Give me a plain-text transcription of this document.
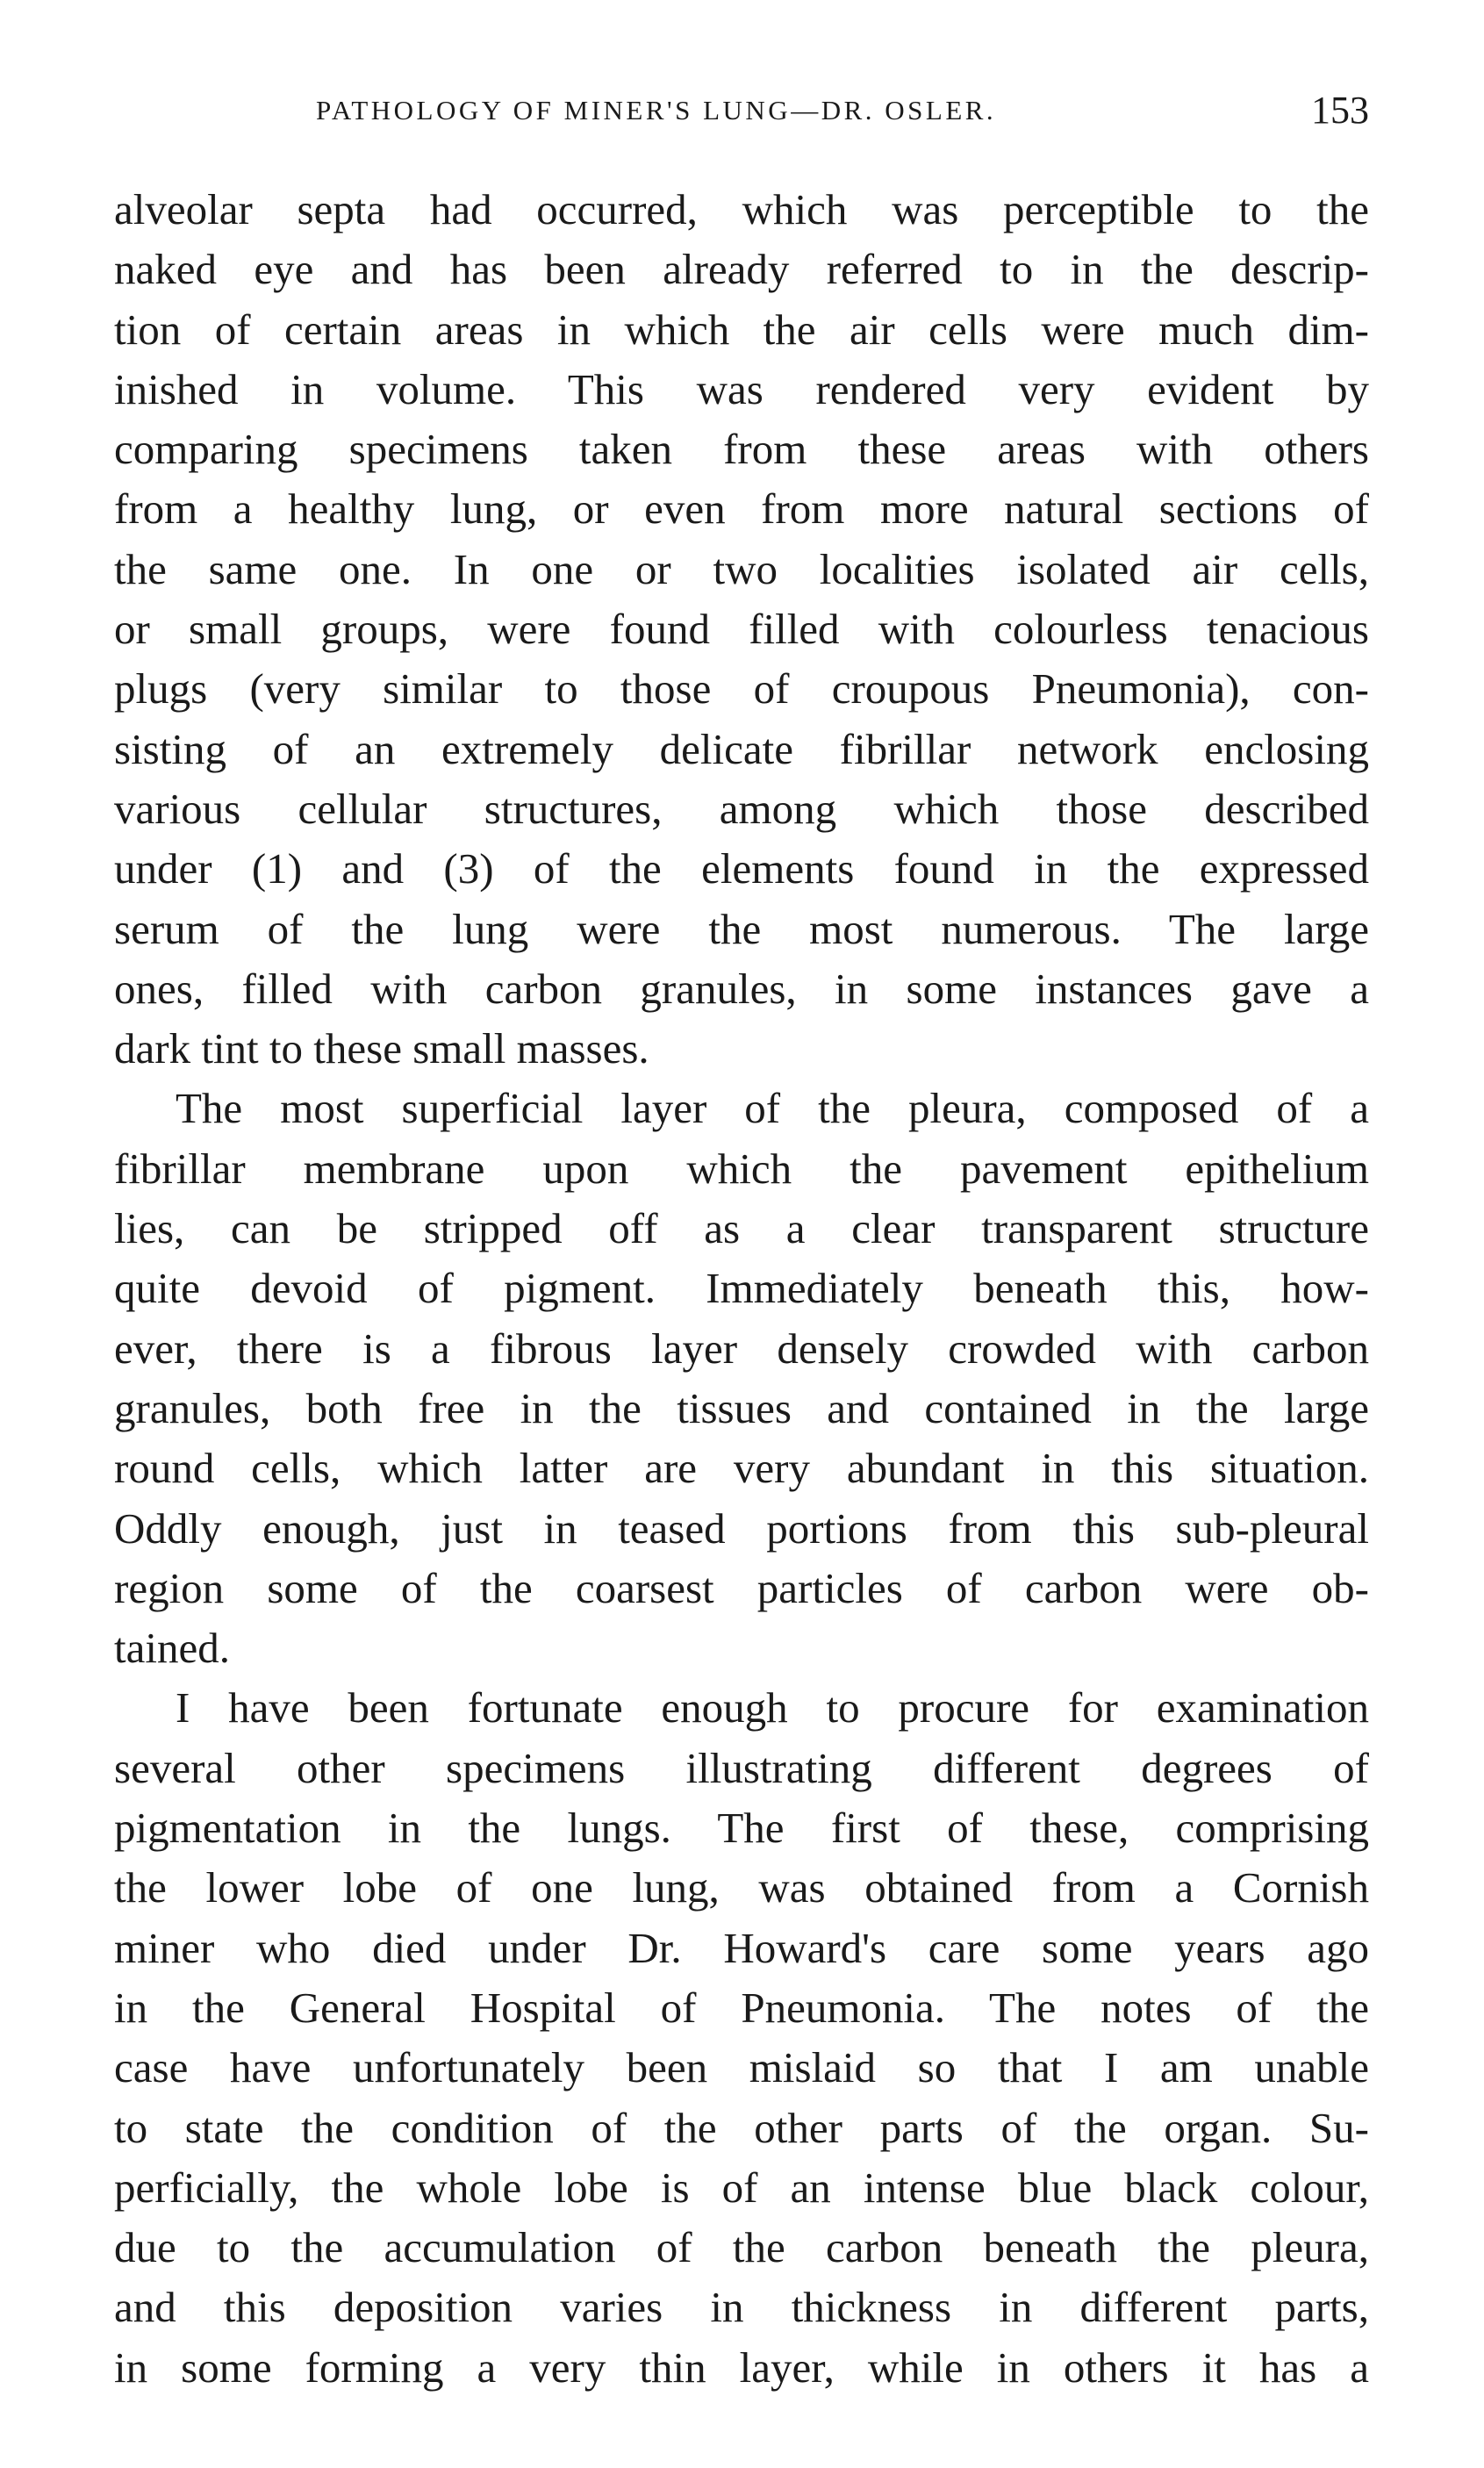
PATHOLOGY OF MINER'S LUNG—DR. OSLER.	153
alveolar septa had occurred, which was perceptible to the
naked eye and has been already referred to in the descrip-
tion of certain areas in which the air cells were much dim-
inished in volume. This was rendered very evident by
comparing specimens taken from these areas with others
from a healthy lung, or even from more natural sections of
the same one. In one or two localities isolated air cells,
or small groups, were found filled with colourless tenacious
plugs (very similar to those of croupous Pneumonia), con-
sisting of an extremely delicate fibrillar network enclosing
various cellular structures, among which those described
under (1) and (3) of the elements found in the expressed
serum of the lung were the most numerous. The large
ones, filled with carbon granules, in some instances gave a
dark tint to these small masses.
The most superficial layer of the pleura, composed of a
fibrillar membrane upon which the pavement epithelium
lies, can be stripped off as a clear transparent structure
quite devoid of pigment. Immediately beneath this, how-
ever, there is a fibrous layer densely crowded with carbon
granules, both free in the tissues and contained in the large
round cells, which latter are very abundant in this situation.
Oddly enough, just in teased portions from this sub-pleural
region some of the coarsest particles of carbon were ob-
tained.
I have been fortunate enough to procure for examination
several other specimens illustrating different degrees of
pigmentation in the lungs. The first of these, comprising
the lower lobe of one lung, was obtained from a Cornish
miner who died under Dr. Howard's care some years ago
in the General Hospital of Pneumonia. The notes of the
case have unfortunately been mislaid so that I am unable
to state the condition of the other parts of the organ. Su-
perficially, the whole lobe is of an intense blue black colour,
due to the accumulation of the carbon beneath the pleura,
and this deposition varies in thickness in different parts,
in some forming a very thin layer, while in others it has a
